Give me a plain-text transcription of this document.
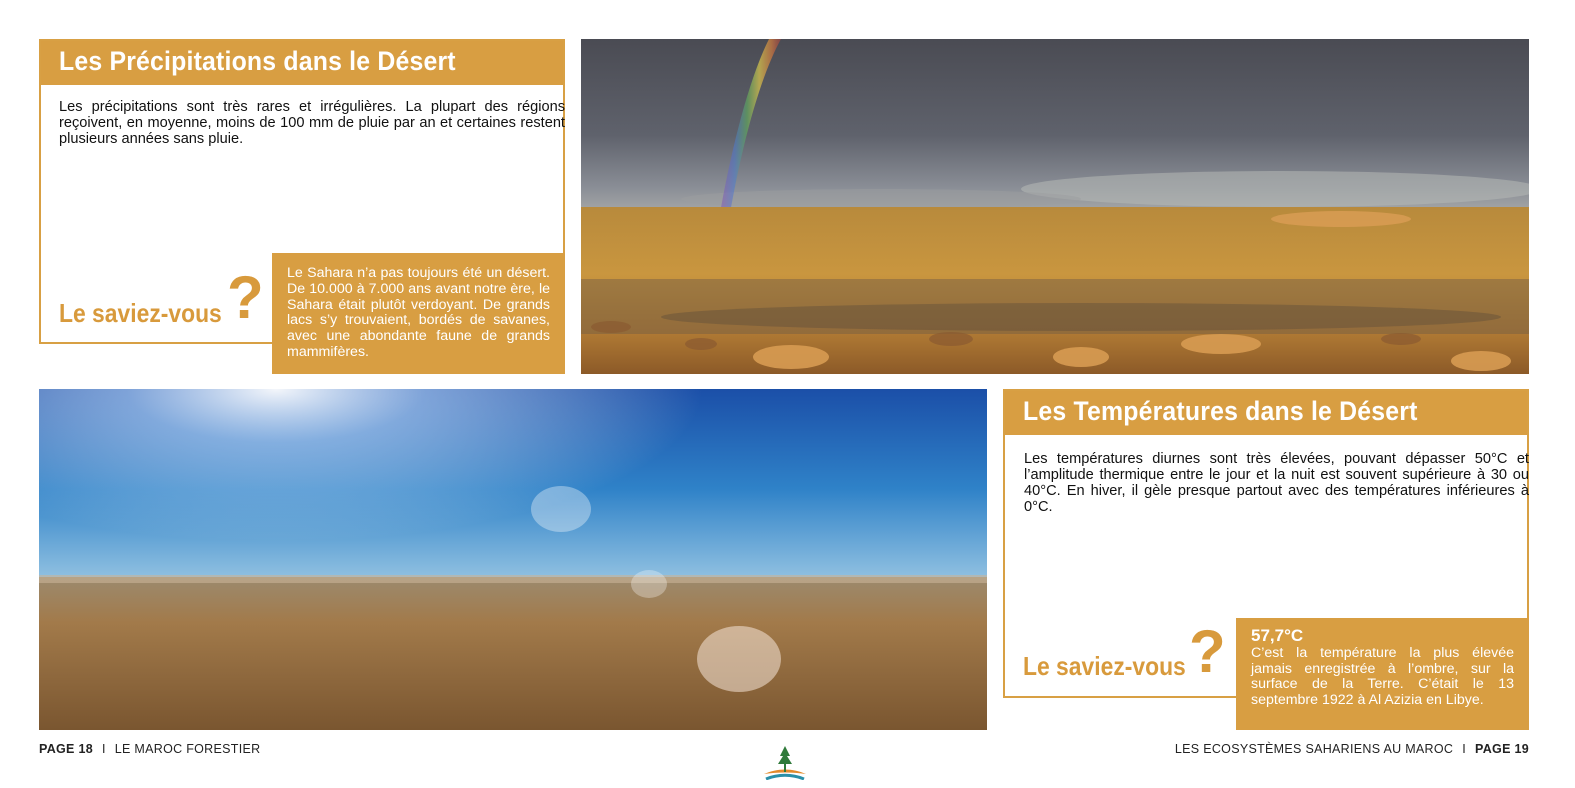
Les Précipitations dans le Désert
Les précipitations sont très rares et irrégulières. La plupart des régions reçoivent, en moyenne, moins de 100 mm de pluie par an et certaines restent plusieurs années sans pluie.
Le saviez-vous ? Le Sahara n’a pas toujours été un désert. De 10.000 à 7.000 ans avant notre ère, le Sahara était plutôt verdoyant. De grands lacs s’y trouvaient, bordés de savanes, avec une abondante faune de grands mammifères.

Les Températures dans le Désert
Les températures diurnes sont très élevées, pouvant dépasser 50°C et l’amplitude thermique entre le jour et la nuit est souvent supérieure à 30 ou 40°C. En hiver, il gèle presque partout avec des températures inférieures à 0°C.
Le saviez-vous ? 57,7°C

C’est la température la plus élevée jamais enregistrée à l’ombre, sur la surface de la Terre. C’était le 13 septembre 1922 à Al Azizia en Libye.

PAGE 18 I LE MAROC FORESTIER	LES ECOSYSTÈMES SAHARIENS AU MAROC I PAGE 19
